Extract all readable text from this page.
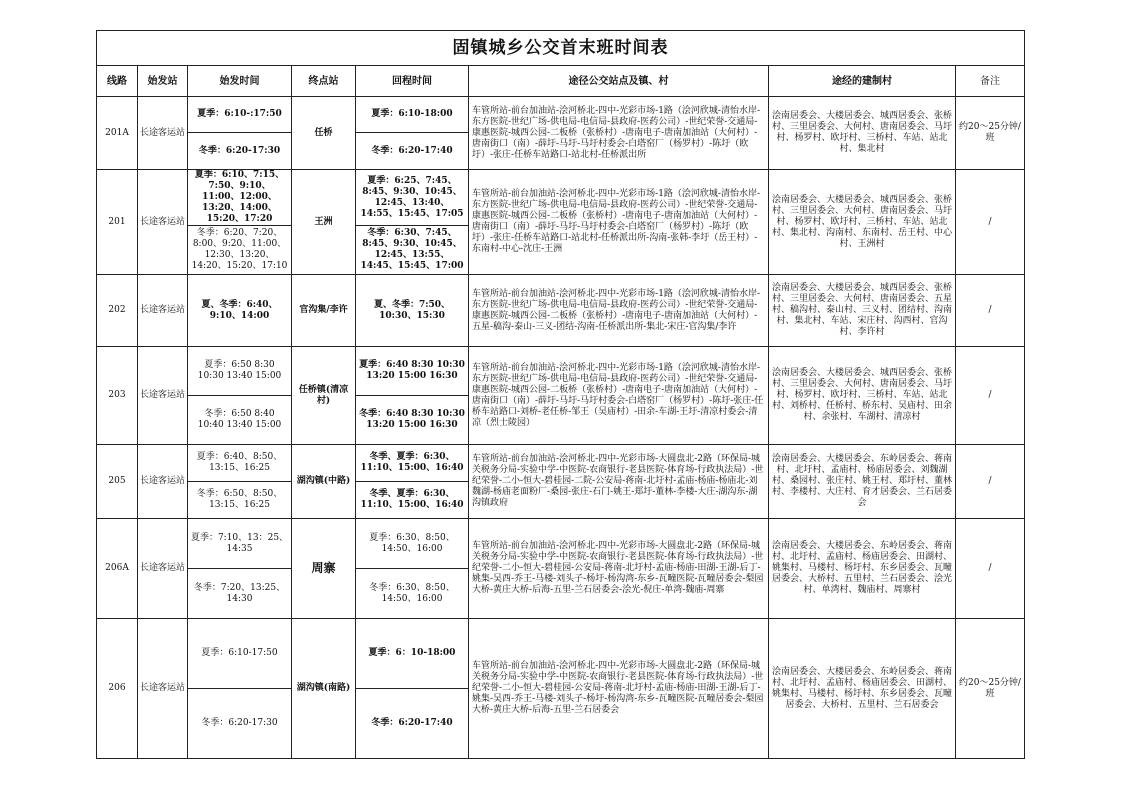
固镇城乡公交首末班时间表							
线路	始发站	始发时间	终点站	回程时间	途径公交站点及镇、村	途经的建制村	备注
201A	长途客运站	夏季：6:10-:17:50	任桥	夏季：6:10-18:00	车管所站-前台加油站-浍河桥北-四中-光彩市场-1路（浍河欣城-清怡水岸-东方医院-世纪广场-供电局-电信局-县政府-医药公司）-世纪荣誉-交通局-康惠医院-城西公园-二板桥（张桥村）-唐南电子-唐南加油站（大何村）-唐南街口（南）-薛圩-马圩-马圩村委会-白塔窑厂（杨罗村）-陈圩（欧圩）-张庄-任桥车站路口-站北村-任桥派出所	浍南居委会、大楼居委会、城西居委会、张桥村、三里居委会、大何村、唐南居委会、马圩村、杨罗村、欧圩村、三桥村、车站、站北村、集北村	约20～25分钟/班
		冬季：6:20-17:30		冬季：6:20-17:40			
201	长途客运站	夏季：6:10、7:15、7:50、9:10、11:00、12:00、13:20、14:00、15:20、17:20	王洲	夏季：6:25、7:45、8:45、9:30、10:45、12:45、13:40、14:55、15:45、17:05	车管所站-前台加油站-浍河桥北-四中-光彩市场-1路（浍河欣城-清怡水岸-东方医院-世纪广场-供电局-电信局-县政府-医药公司）-世纪荣誉-交通局-康惠医院-城西公园-二板桥（张桥村）-唐南电子-唐南加油站（大何村）-唐南街口（南）-薛圩-马圩-马圩村委会-白塔窑厂（杨罗村）-陈圩（欧圩）-张庄-任桥车站路口-站北村-任桥派出所-沟南-张韩-李圩（岳王村）-东南村-中心-沈庄-王洲	浍南居委会、大楼居委会、城西居委会、张桥村、三里居委会、大何村、唐南居委会、马圩村、杨罗村、欧圩村、三桥村、车站、站北村、集北村、沟南村、东南村、岳王村、中心村、王洲村	/
		冬季：6:20、7:20、8:00、9:20、11:00、12:30、13:20、14:20、15:20、17:10		冬季：6:30、7:45、8:45、9:30、10:45、12:45、13:55、14:45、15:45、17:00			
202	长途客运站	夏、冬季：6:40、9:10、14:00	官沟集/李许	夏、冬季：7:50、10:30、15:30	车管所站-前台加油站-浍河桥北-四中-光彩市场-1路（浍河欣城-清怡水岸-东方医院-世纪广场-供电局-电信局-县政府-医药公司）-世纪荣誉-交通局-康惠医院-城西公园-二板桥（张桥村）-唐南电子-唐南加油站（大何村）-五星-稿沟-泰山-三义-团结-沟南-任桥派出所-集北-宋庄-官沟集/李许	浍南居委会、大楼居委会、城西居委会、张桥村、三里居委会、大何村、唐南居委会、五星村、稿沟村、泰山村、三义村、团结村、沟南村、集北村、车站、宋庄村、沟西村、官沟村、李许村	/
203	长途客运站	夏季：6:50 8:30 10:30 13:40 15:00	任桥镇(清凉村)	夏季：6:40 8:30 10:30 13:20 15:00 16:30	车管所站-前台加油站-浍河桥北-四中-光彩市场-1路（浍河欣城-清怡水岸-东方医院-世纪广场-供电局-电信局-县政府-医药公司）-世纪荣誉-交通局-康惠医院-城西公园-二板桥（张桥村）-唐南电子-唐南加油站（大何村）-唐南街口（南）-薛圩-马圩-马圩村委会-白塔窑厂（杨罗村）-陈圩-张庄-任桥车站路口-刘桥-老任桥-邹王（吴庙村）-田余-车湖-王圩-清凉村委会-清凉（烈士陵园）	浍南居委会、大楼居委会、城西居委会、张桥村、三里居委会、大何村、唐南居委会、马圩村、杨罗村、欧圩村、三桥村、车站、站北村、刘桥村、任桥村、桥东村、吴庙村、田余村、余张村、车湖村、清凉村	/
		冬季：6:50 8:40 10:40 13:40 15:00		冬季：6:40 8:30 10:30 13:20 15:00 16:30			
205	长途客运站	夏季：6:40、8:50、13:15、16:25	湖沟镇(中路)	冬季、夏季：6:30、11:10、15:00、16:40	车管所站-前台加油站-浍河桥北-四中-光彩市场-大圆盘北-2路（环保局-城关税务分局-实验中学-中医院-农商银行-老县医院-体育场-行政执法局）-世纪荣誉-二小-恒大-碧桂园-二院-公安局-蒋南-北圩村-孟庙-杨庙-杨庙北-刘魏湖-杨庙老面粉厂-桑园-张庄-石门-姚王-郑圩-董林-李楼-大庄-湖沟东-湖沟镇政府	浍南居委会、大楼居委会、东岭居委会、蒋南村、北圩村、孟庙村、杨庙居委会、刘魏湖村、桑园村、张庄村、姚王村、郑圩村、董林村、李楼村、大庄村、育才居委会、兰石居委会	/
		冬季：6:50、8:50、13:15、16:25		冬季、夏季：6:30、11:10、15:00、16:40			
206A	长途客运站	夏季：7:10、13：25、14:35	周寨	夏季：6:30、8:50、14:50、16:00	车管所站-前台加油站-浍河桥北-四中-光彩市场-大圆盘北-2路（环保局-城关税务分局-实验中学-中医院-农商银行-老县医院-体育场-行政执法局）-世纪荣誉-二小-恒大-碧桂园-公安局-蒋南-北圩村-孟庙-杨庙-田湖-王湖-后丁-姚集-吴西-乔王-马楼-刘头子-杨圩-杨沟湾-东乡-瓦疃医院-瓦疃居委会-梨园大桥-黄庄大桥-后海-五里-兰石居委会-浍光-倪庄-单湾-魏庙-周寨	浍南居委会、大楼居委会、东岭居委会、蒋南村、北圩村、孟庙村、杨庙居委会、田湖村、姚集村、马楼村、杨圩村、东乡居委会、瓦疃居委会、大桥村、五里村、兰石居委会、浍光村、单湾村、魏庙村、周寨村	/
		冬季：7:20、13:25、14:30		冬季：6:30、8:50、14:50、16:00			
206	长途客运站	夏季：6:10-17:50	湖沟镇(南路)	夏季：6：10-18:00	车管所站-前台加油站-浍河桥北-四中-光彩市场-大圆盘北-2路（环保局-城关税务分局-实验中学-中医院-农商银行-老县医院-体育场-行政执法局）-世纪荣誉-二小-恒大-碧桂园-公安局-蒋南-北圩村-孟庙-杨庙-田湖-王湖-后丁-姚集-吴西-乔王-马楼-刘头子-杨圩-杨沟湾-东乡-瓦疃医院-瓦疃居委会-梨园大桥-黄庄大桥-后海-五里-兰石居委会	浍南居委会、大楼居委会、东岭居委会、蒋南村、北圩村、孟庙村、杨庙居委会、田湖村、姚集村、马楼村、杨圩村、东乡居委会、瓦疃居委会、大桥村、五里村、兰石居委会	约20～25分钟/班
		冬季：6:20-17:30		冬季：6:20-17:40			
